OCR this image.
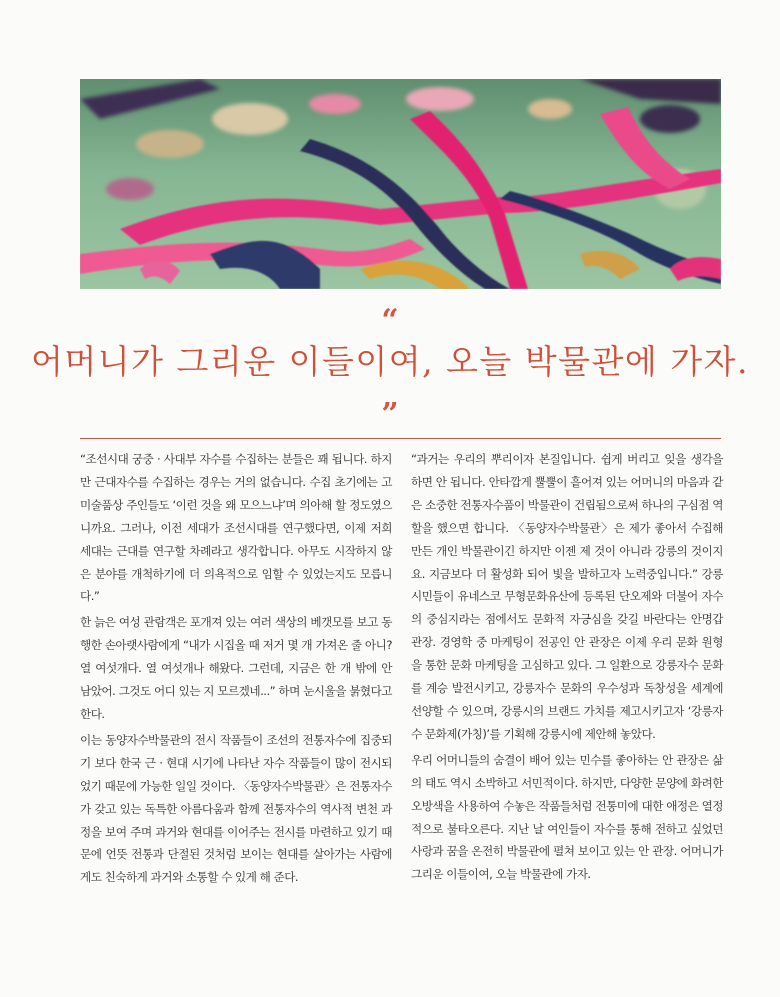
“
어머니가 그리운 이들이여, 오늘 박물관에 가자.
”

“조선시대 궁중 · 사대부 자수를 수집하는 분들은 꽤 됩니다. 하지만 근대자수를 수집하는 경우는 거의 없습니다. 수집 초기에는 고미술품상 주인들도 ‘이런 것을 왜 모으느냐’며 의아해 할 정도였으니까요. 그러나, 이전 세대가 조선시대를 연구했다면, 이제 저희 세대는 근대를 연구할 차례라고 생각합니다. 아무도 시작하지 않은 분야를 개척하기에 더 의욕적으로 임할 수 있었는지도 모릅니다.”

한 늙은 여성 관람객은 포개져 있는 여러 색상의 베갯모를 보고 동행한 손아랫사람에게 “내가 시집올 때 저거 몇 개 가져온 줄 아니? 열 여섯개다. 열 여섯개나 해왔다. 그런데, 지금은 한 개 밖에 안 남았어. 그것도 어디 있는 지 모르겠네...” 하며 눈시울을 붉혔다고 한다.

이는 동양자수박물관의 전시 작품들이 조선의 전통자수에 집중되기 보다 한국 근 · 현대 시기에 나타난 자수 작품들이 많이 전시되었기 때문에 가능한 일일 것이다. 〈동양자수박물관〉은 전통자수가 갖고 있는 독특한 아름다움과 함께 전통자수의 역사적 변천 과정을 보여 주며 과거와 현대를 이어주는 전시를 마련하고 있기 때문에 언뜻 전통과 단절된 것처럼 보이는 현대를 살아가는 사람에게도 친숙하게 과거와 소통할 수 있게 해 준다.

“과거는 우리의 뿌리이자 본질입니다. 쉽게 버리고 잊을 생각을 하면 안 됩니다. 안타깝게 뿔뿔이 흩어져 있는 어머니의 마음과 같은 소중한 전통자수품이 박물관이 건립됨으로써 하나의 구심점 역할을 했으면 합니다. 〈동양자수박물관〉은 제가 좋아서 수집해 만든 개인 박물관이긴 하지만 이젠 제 것이 아니라 강릉의 것이지요. 지금보다 더 활성화 되어 빛을 발하고자 노력중입니다.” 강릉 시민들이 유네스코 무형문화유산에 등록된 단오제와 더불어 자수의 중심지라는 점에서도 문화적 자긍심을 갖길 바란다는 안명갑 관장. 경영학 중 마케팅이 전공인 안 관장은 이제 우리 문화 원형을 통한 문화 마케팅을 고심하고 있다. 그 일환으로 강릉자수 문화를 계승 발전시키고, 강릉자수 문화의 우수성과 독창성을 세계에 선양할 수 있으며, 강릉시의 브랜드 가치를 제고시키고자 ‘강릉자수 문화제(가칭)’를 기획해 강릉시에 제안해 놓았다.

우리 어머니들의 숨결이 배어 있는 민수를 좋아하는 안 관장은 삶의 태도 역시 소박하고 서민적이다. 하지만, 다양한 문양에 화려한 오방색을 사용하여 수놓은 작품들처럼 전통미에 대한 애정은 열정적으로 불타오른다. 지난 날 여인들이 자수를 통해 전하고 싶었던 사랑과 꿈을 온전히 박물관에 펼쳐 보이고 있는 안 관장. 어머니가 그리운 이들이여, 오늘 박물관에 가자.
